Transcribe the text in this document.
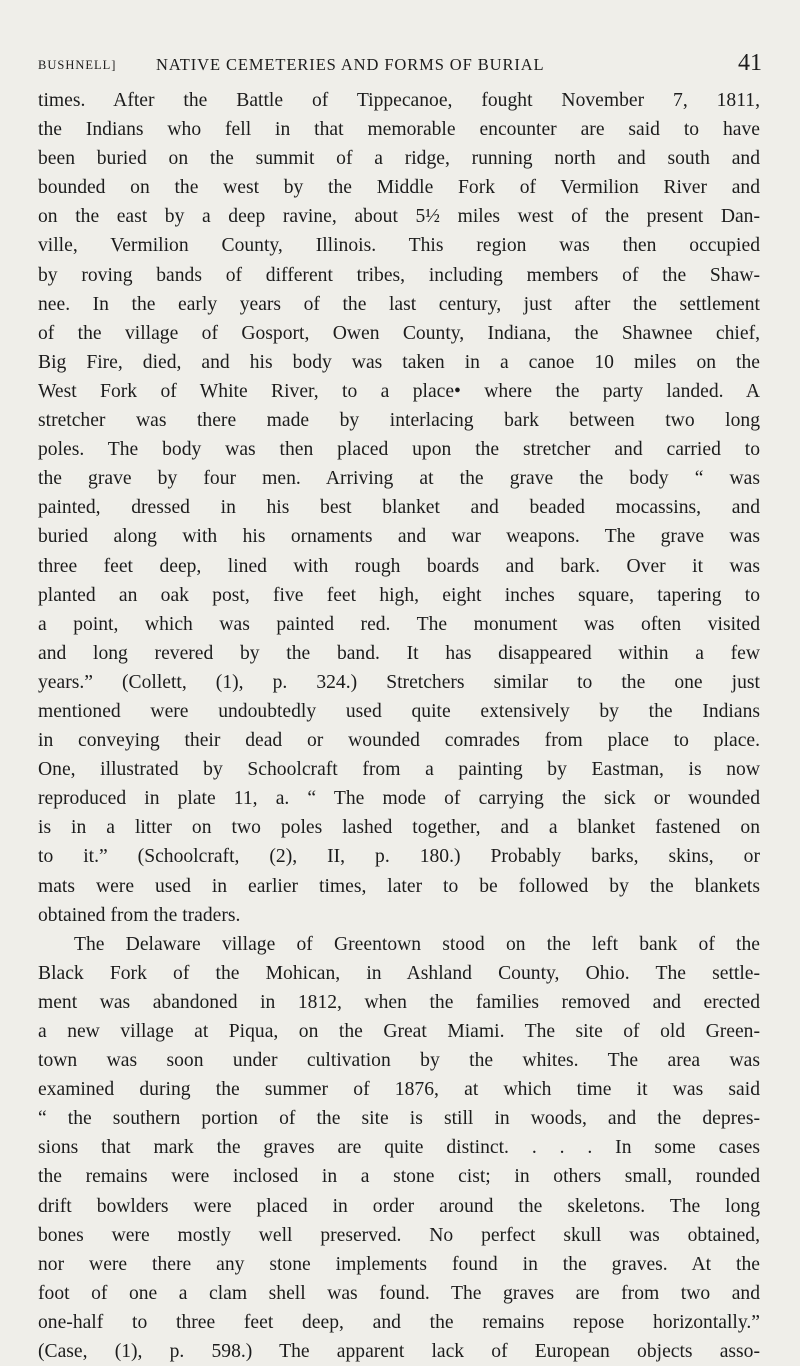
BUSHNELL] NATIVE CEMETERIES AND FORMS OF BURIAL	41
times. After the Battle of Tippecanoe, fought November 7, 1811,
the Indians who fell in that memorable encounter are said to have
been buried on the summit of a ridge, running north and south and
bounded on the west by the Middle Fork of Vermilion River and
on the east by a deep ravine, about 5½ miles west of the present Dan-
ville, Vermilion County, Illinois. This region was then occupied
by roving bands of different tribes, including members of the Shaw-
nee. In the early years of the last century, just after the settlement
of the village of Gosport, Owen County, Indiana, the Shawnee chief,
Big Fire, died, and his body was taken in a canoe 10 miles on the
West Fork of White River, to a place• where the party landed. A
stretcher was there made by interlacing bark between two long
poles. The body was then placed upon the stretcher and carried to
the grave by four men. Arriving at the grave the body “ was
painted, dressed in his best blanket and beaded mocassins, and
buried along with his ornaments and war weapons. The grave was
three feet deep, lined with rough boards and bark. Over it was
planted an oak post, five feet high, eight inches square, tapering to
a point, which was painted red. The monument was often visited
and long revered by the band. It has disappeared within a few
years.” (Collett, (1), p. 324.) Stretchers similar to the one just
mentioned were undoubtedly used quite extensively by the Indians
in conveying their dead or wounded comrades from place to place.
One, illustrated by Schoolcraft from a painting by Eastman, is now
reproduced in plate 11, a. “ The mode of carrying the sick or wounded
is in a litter on two poles lashed together, and a blanket fastened on
to it.” (Schoolcraft, (2), II, p. 180.) Probably barks, skins, or
mats were used in earlier times, later to be followed by the blankets
obtained from the traders.
The Delaware village of Greentown stood on the left bank of the
Black Fork of the Mohican, in Ashland County, Ohio. The settle-
ment was abandoned in 1812, when the families removed and erected
a new village at Piqua, on the Great Miami. The site of old Green-
town was soon under cultivation by the whites. The area was
examined during the summer of 1876, at which time it was said
“ the southern portion of the site is still in woods, and the depres-
sions that mark the graves are quite distinct. . . . In some cases
the remains were inclosed in a stone cist; in others small, rounded
drift bowlders were placed in order around the skeletons. The long
bones were mostly well preserved. No perfect skull was obtained,
nor were there any stone implements found in the graves. At the
foot of one a clam shell was found. The graves are from two and
one-half to three feet deep, and the remains repose horizontally.”
(Case, (1), p. 598.) The apparent lack of European objects asso-
